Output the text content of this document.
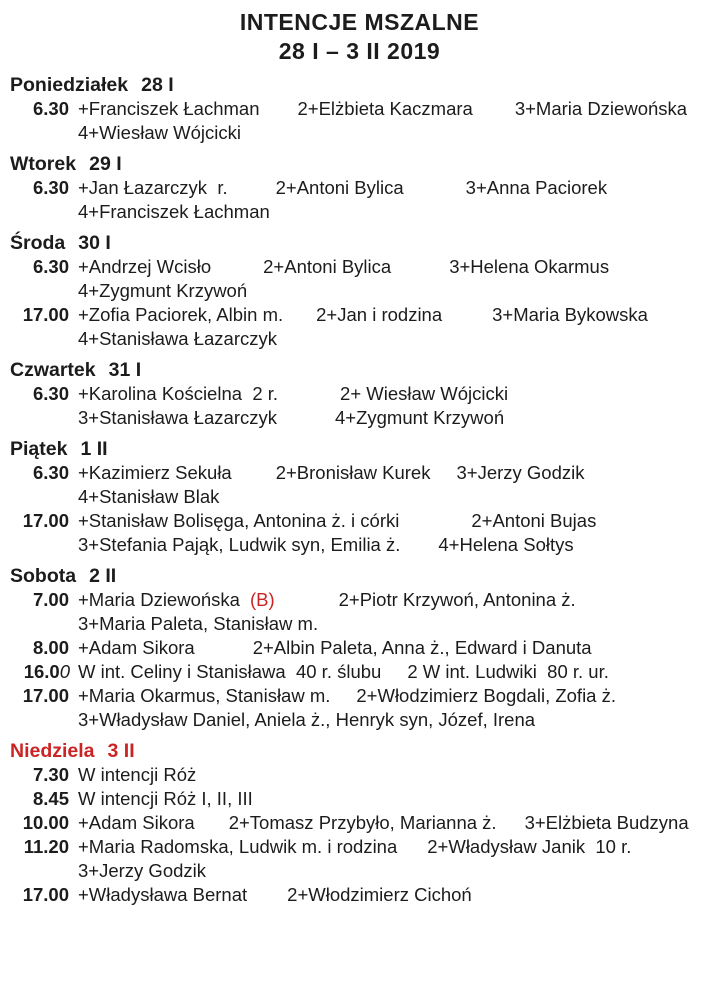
INTENCJE MSZALNE
28 I – 3 II 2019
Poniedziałek 28 I
6.30 +Franciszek Łachman 2+Elżbieta Kaczmara 3+Maria Dziewońska
4+Wiesław Wójcicki
Wtorek 29 I
6.30 +Jan Łazarczyk  r.	2+Antoni Bylica	3+Anna Paciorek
4+Franciszek Łachman
Środa 30 I
6.30 +Andrzej Wcisło	2+Antoni Bylica	3+Helena Okarmus
4+Zygmunt Krzywoń
17.00 +Zofia Paciorek, Albin m. 2+Jan i rodzina	3+Maria Bykowska
4+Stanisława Łazarczyk
Czwartek 31 I
6.30 +Karolina Kościelna  2 r.	2+ Wiesław Wójcicki
3+Stanisława Łazarczyk	4+Zygmunt Krzywoń
Piątek 1 II
6.30 +Kazimierz Sekuła 2+Bronisław Kurek 3+Jerzy Godzik
4+Stanisław Blak
17.00 +Stanisław Bolisęga, Antonina ż. i córki	2+Antoni Bujas
3+Stefania Pająk, Ludwik syn, Emilia ż. 4+Helena Sołtys
Sobota 2 II
7.00 +Maria Dziewońska (B)	2+Piotr Krzywoń, Antonina ż.
3+Maria Paleta, Stanisław m.
8.00 +Adam Sikora	2+Albin Paleta, Anna ż., Edward i Danuta
16.00 W int. Celiny i Stanisława  40 r. ślubu 2 W int. Ludwiki  80 r. ur.
17.00 +Maria Okarmus, Stanisław m. 2+Włodzimierz Bogdali, Zofia ż.
3+Władysław Daniel, Aniela ż., Henryk syn, Józef, Irena
Niedziela 3 II
7.30 W intencji Róż
8.45 W intencji Róż I, II, III
10.00 +Adam Sikora 2+Tomasz Przybyło, Marianna ż. 3+Elżbieta Budzyna
11.20 +Maria Radomska, Ludwik m. i rodzina 2+Władysław Janik  10 r.
3+Jerzy Godzik
17.00 +Władysława Bernat 2+Włodzimierz Cichoń
